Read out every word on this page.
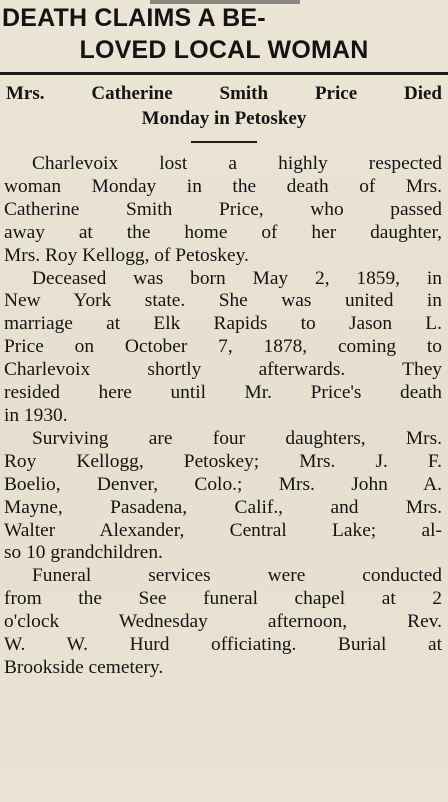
DEATH CLAIMS A BE-
LOVED LOCAL WOMAN
Mrs. Catherine Smith Price Died
Monday in Petoskey

Charlevoix lost a highly respected
woman Monday in the death of Mrs.
Catherine Smith Price, who passed
away at the home of her daughter,
Mrs. Roy Kellogg, of Petoskey.

Deceased was born May 2, 1859, in
New York state. She was united in
marriage at Elk Rapids to Jason L.
Price on October 7, 1878, coming to
Charlevoix shortly afterwards. They
resided here until Mr. Price's death
in 1930.

Surviving are four daughters, Mrs.
Roy Kellogg, Petoskey; Mrs. J. F.
Boelio, Denver, Colo.; Mrs. John A.
Mayne, Pasadena, Calif., and Mrs.
Walter Alexander, Central Lake; al-
so 10 grandchildren.

Funeral services were conducted
from the See funeral chapel at 2
o'clock Wednesday afternoon, Rev.
W. W. Hurd officiating. Burial at
Brookside cemetery.
